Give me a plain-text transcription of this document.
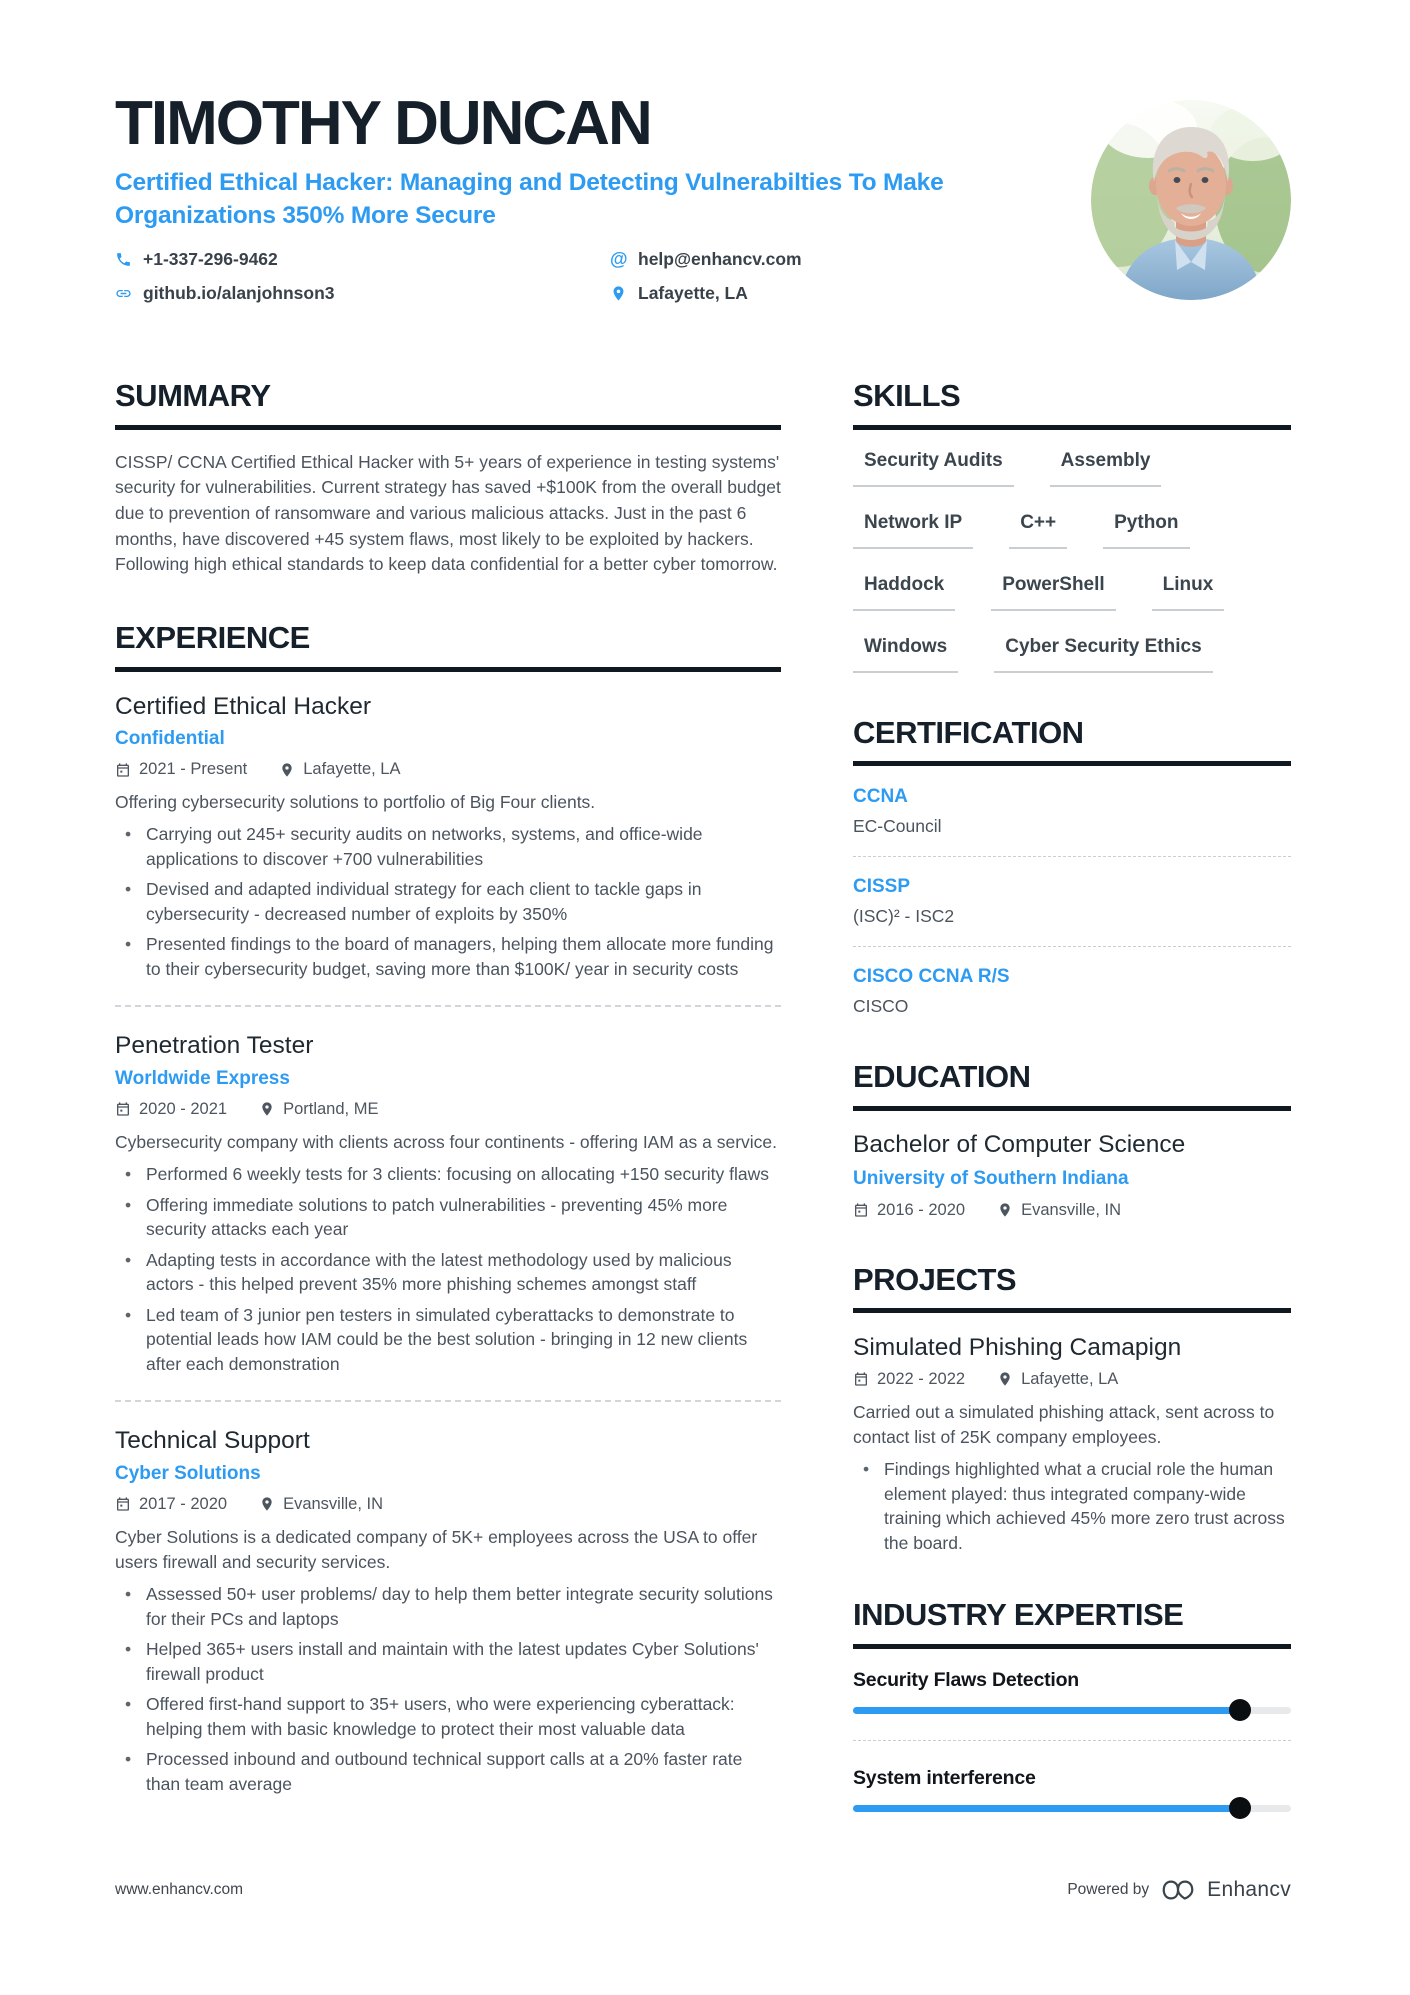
TIMOTHY DUNCAN
Certified Ethical Hacker: Managing and Detecting Vulnerabilties To Make Organizations 350% More Secure
+1-337-296-9462	@ help@enhancv.com
github.io/alanjohnson3	Lafayette, LA
SUMMARY

CISSP/ CCNA Certified Ethical Hacker with 5+ years of experience in testing systems' security for vulnerabilities. Current strategy has saved +$100K from the overall budget due to prevention of ransomware and various malicious attacks. Just in the past 6 months, have discovered +45 system flaws, most likely to be exploited by hackers. Following high ethical standards to keep data confidential for a better cyber tomorrow.

EXPERIENCE
Certified Ethical Hacker
Confidential
2021 - Present	Lafayette, LA

Offering cybersecurity solutions to portfolio of Big Four clients.

• Carrying out 245+ security audits on networks, systems, and office-wide applications to discover +700 vulnerabilities
• Devised and adapted individual strategy for each client to tackle gaps in cybersecurity - decreased number of exploits by 350%
• Presented findings to the board of managers, helping them allocate more funding to their cybersecurity budget, saving more than $100K/ year in security costs
Penetration Tester
Worldwide Express
2020 - 2021	Portland, ME

Cybersecurity company with clients across four continents - offering IAM as a service.

• Performed 6 weekly tests for 3 clients: focusing on allocating +150 security flaws
• Offering immediate solutions to patch vulnerabilities - preventing 45% more security attacks each year
• Adapting tests in accordance with the latest methodology used by malicious actors - this helped prevent 35% more phishing schemes amongst staff
• Led team of 3 junior pen testers in simulated cyberattacks to demonstrate to potential leads how IAM could be the best solution - bringing in 12 new clients after each demonstration
Technical Support
Cyber Solutions
2017 - 2020	Evansville, IN

Cyber Solutions is a dedicated company of 5K+ employees across the USA to offer users firewall and security services.

• Assessed 50+ user problems/ day to help them better integrate security solutions for their PCs and laptops
• Helped 365+ users install and maintain with the latest updates Cyber Solutions' firewall product
• Offered first-hand support to 35+ users, who were experiencing cyberattack: helping them with basic knowledge to protect their most valuable data
• Processed inbound and outbound technical support calls at a 20% faster rate than team average
SKILLS
Security Audits	Assembly
Network IP	C++	Python
Haddock	PowerShell	Linux
Windows	Cyber Security Ethics
CERTIFICATION
CCNA
EC-Council
CISSP
(ISC)² - ISC2
CISCO CCNA R/S
CISCO
EDUCATION
Bachelor of Computer Science
University of Southern Indiana
2016 - 2020	Evansville, IN
PROJECTS
Simulated Phishing Camapign
2022 - 2022	Lafayette, LA

Carried out a simulated phishing attack, sent across to contact list of 25K company employees.

• Findings highlighted what a crucial role the human element played: thus integrated company-wide training which achieved 45% more zero trust across the board.
INDUSTRY EXPERTISE
Security Flaws Detection
System interference
www.enhancv.com	Powered by	Enhancv
